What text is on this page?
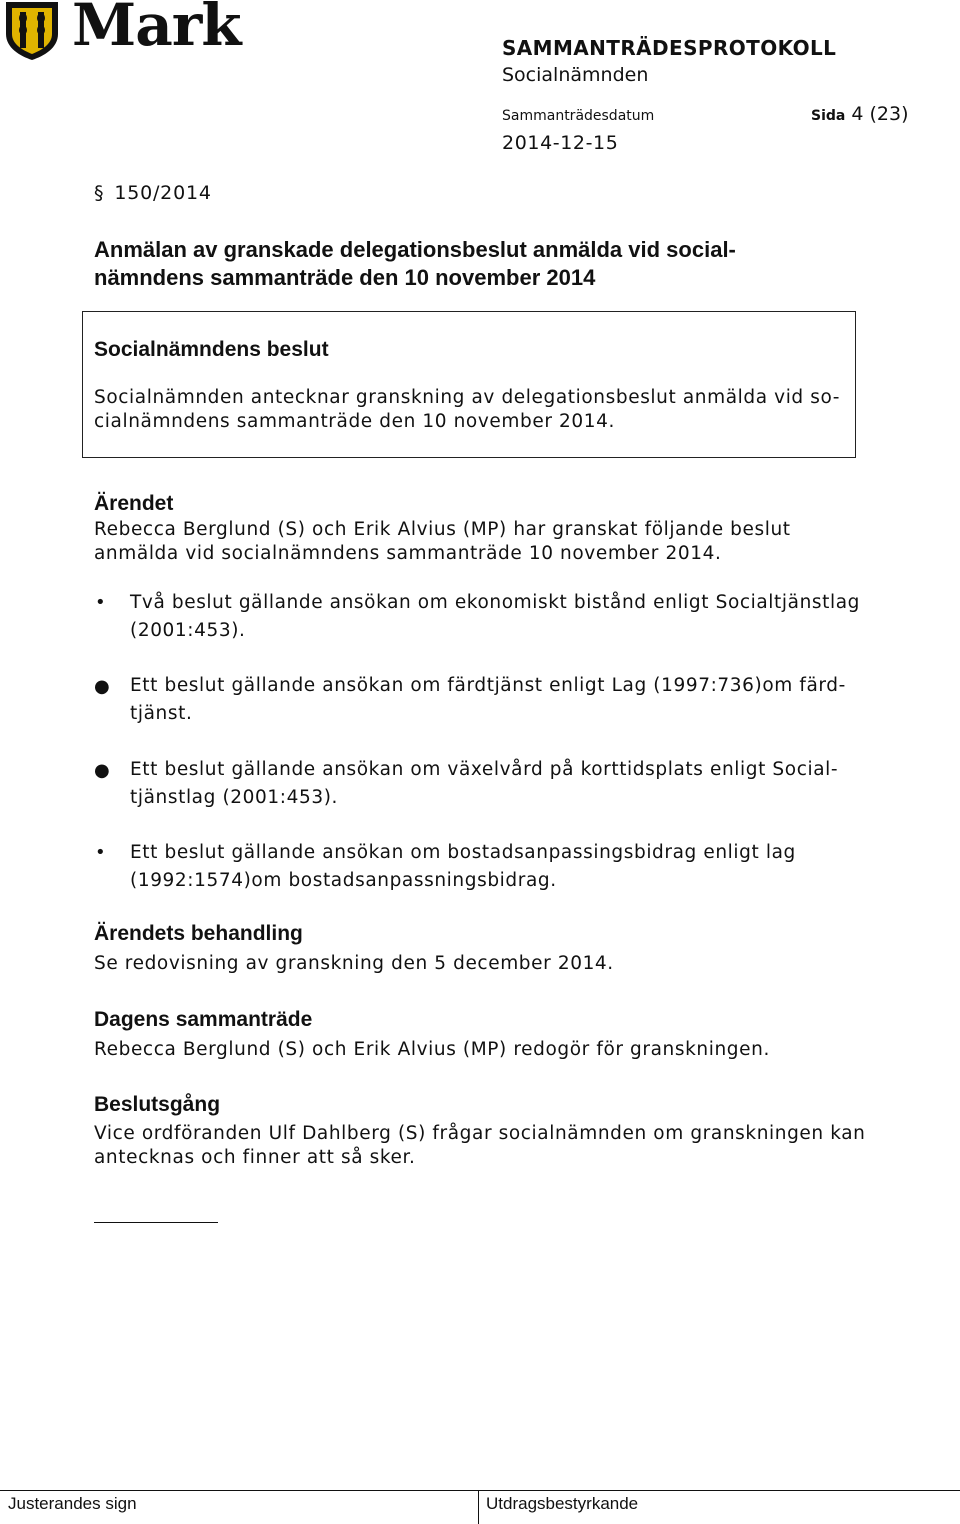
Mark	SAMMANTRÄDESPROTOKOLL
Socialnämnden
Sammanträdesdatum	Sida 4 (23)
2014-12-15
§ 150/2014
Anmälan av granskade delegationsbeslut anmälda vid social-
nämndens sammanträde den 10 november 2014
Socialnämndens beslut
Socialnämnden antecknar granskning av delegationsbeslut anmälda vid so-
cialnämndens sammanträde den 10 november 2014.
Ärendet
Rebecca Berglund (S) och Erik Alvius (MP) har granskat följande beslut
anmälda vid socialnämndens sammanträde 10 november 2014.
• Två beslut gällande ansökan om ekonomiskt bistånd enligt Socialtjänstlag
(2001:453).
● Ett beslut gällande ansökan om färdtjänst enligt Lag (1997:736)om färd-
tjänst.
● Ett beslut gällande ansökan om växelvård på korttidsplats enligt Social-
tjänstlag (2001:453).
• Ett beslut gällande ansökan om bostadsanpassingsbidrag enligt lag
(1992:1574)om bostadsanpassningsbidrag.
Ärendets behandling
Se redovisning av granskning den 5 december 2014.
Dagens sammanträde
Rebecca Berglund (S) och Erik Alvius (MP) redogör för granskningen.
Beslutsgång
Vice ordföranden Ulf Dahlberg (S) frågar socialnämnden om granskningen kan
antecknas och finner att så sker.
Justerandes sign	Utdragsbestyrkande
